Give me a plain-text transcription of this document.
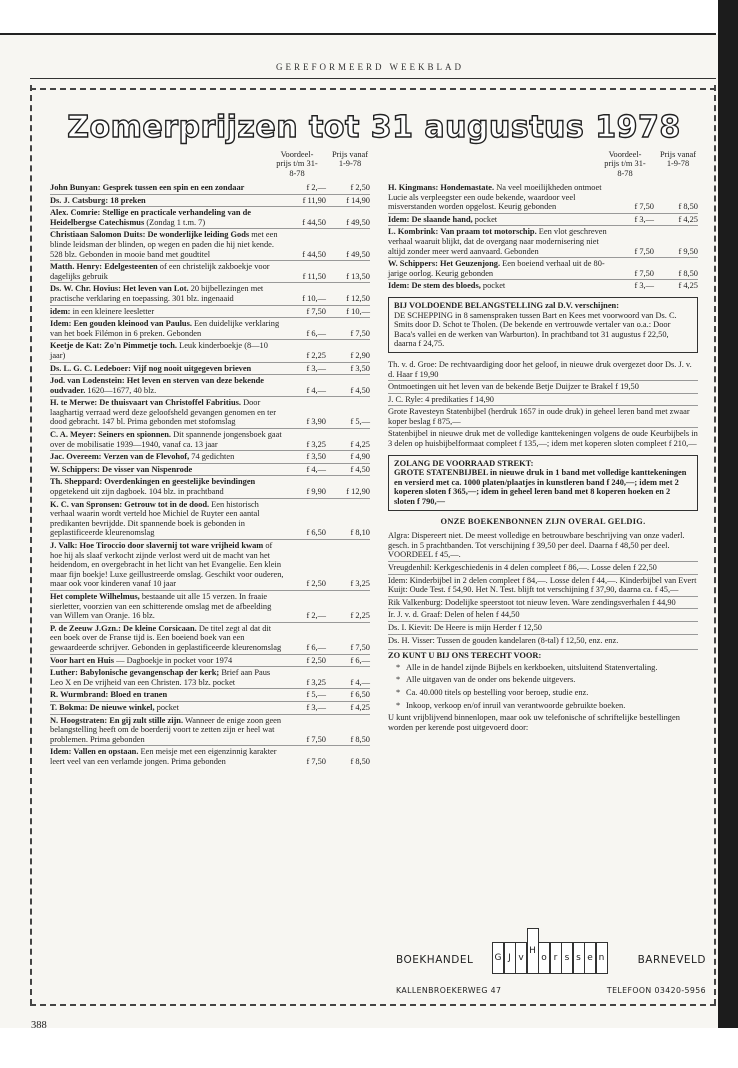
GEREFORMEERD WEEKBLAD
Zomerprijzen tot 31 augustus 1978
Voordeel-prijs t/m 31-8-78
Prijs vanaf 1-9-78
John Bunyan: Gesprek tussen een spin en een zondaar	f 2,—	f 2,50
Ds. J. Catsburg: 18 preken	f 11,90	f 14,90
Alex. Comrie: Stellige en practicale verhandeling van de Heidelbergse Catechismus (Zondag 1 t.m. 7)	f 44,50	f 49,50
Christiaan Salomon Duits: De wonderlijke leiding Gods met een blinde leidsman der blinden, op wegen en paden die hij niet kende. 528 blz. Gebonden in mooie band met goudtitel	f 44,50	f 49,50
Matth. Henry: Edelgesteenten of een christelijk zakboekje voor dagelijks gebruik	f 11,50	f 13,50
Ds. W. Chr. Hovius: Het leven van Lot. 20 bijbellezingen met practische verklaring en toepassing. 301 blz. ingenaaid	f 10,—	f 12,50
idem: in een kleinere leesletter	f 7,50	f 10,—
Idem: Een gouden kleinood van Paulus. Een duidelijke verklaring van het boek Filémon in 6 preken. Gebonden	f 6,—	f 7,50
Keetje de Kat: Zo'n Pimmetje toch. Leuk kinderboekje (8—10 jaar)	f 2,25	f 2,90
Ds. L. G. C. Ledeboer: Vijf nog nooit uitgegeven brieven	f 3,—	f 3,50
Jod. van Lodenstein: Het leven en sterven van deze bekende oudvader. 1620—1677, 40 blz.	f 4,—	f 4,50
H. te Merwe: De thuisvaart van Christoffel Fabritius. Door laaghartig verraad werd deze geloofsheld gevangen genomen en ter dood gebracht. 147 bl. Prima gebonden met stofomslag	f 3,90	f 5,—
C. A. Meyer: Seiners en spionnen. Dit spannende jongensboek gaat over de mobilisatie 1939—1940, vanaf ca. 13 jaar	f 3,25	f 4,25
Jac. Overeem: Verzen van de Flevohof, 74 gedichten	f 3,50	f 4,90
W. Schippers: De visser van Nispenrode	f 4,—	f 4,50
Th. Sheppard: Overdenkingen en geestelijke bevindingen opgetekend uit zijn dagboek. 104 blz. in prachtband	f 9,90	f 12,90
K. C. van Spronsen: Getrouw tot in de dood. Een historisch verhaal waarin wordt verteld hoe Michiel de Ruyter een aantal predikanten bevrijdde. Dit spannende boek is gebonden in geplastificeerde kleurenomslag	f 6,50	f 8,10
J. Valk: Hoe Tiroccio door slavernij tot ware vrijheid kwam of hoe hij als slaaf verkocht zijnde verlost werd uit de macht van het heidendom, en overgebracht in het licht van het Evangelie. Een klein maar fijn boekje! Luxe geillustreerde omslag. Geschikt voor ouderen, maar ook voor kinderen vanaf 10 jaar	f 2,50	f 3,25
Het complete Wilhelmus, bestaande uit alle 15 verzen. In fraaie sierletter, voorzien van een schitterende omslag met de afbeelding van Willem van Oranje. 16 blz.	f 2,—	f 2,25
P. de Zeeuw J.Gzn.: De kleine Corsicaan. De titel zegt al dat dit een boek over de Franse tijd is. Een boeiend boek van een gewaardeerde schrijver. Gebonden in geplastificeerde kleurenomslag	f 6,—	f 7,50
Voor hart en Huis — Dagboekje in pocket voor 1974	f 2,50	f 6,—
Luther: Babylonische gevangenschap der kerk; Brief aan Paus Leo X en De vrijheid van een Christen. 173 blz. pocket	f 3,25	f 4,—
R. Wurmbrand: Bloed en tranen	f 5,—	f 6,50
T. Bokma: De nieuwe winkel, pocket	f 3,—	f 4,25
N. Hoogstraten: En gij zult stille zijn. Wanneer de enige zoon geen belangstelling heeft om de boerderij voort te zetten zijn er heel wat problemen. Prima gebonden	f 7,50	f 8,50
Idem: Vallen en opstaan. Een meisje met een eigenzinnig karakter leert veel van een verlamde jongen. Prima gebonden	f 7,50	f 8,50
Voordeel-prijs t/m 31-8-78
Prijs vanaf 1-9-78
H. Kingmans: Hondemastate. Na veel moeilijkheden ontmoet Lucie als verpleegster een oude bekende, waardoor veel misverstanden worden opgelost. Keurig gebonden	f 7,50	f 8,50
Idem: De slaande hand, pocket	f 3,—	f 4,25
L. Kombrink: Van praam tot motorschip. Een vlot geschreven verhaal waaruit blijkt, dat de overgang naar modernisering niet altijd zonder meer werd aanvaard. Gebonden	f 7,50	f 9,50
W. Schippers: Het Geuzenjong. Een boeiend verhaal uit de 80-jarige oorlog. Keurig gebonden	f 7,50	f 8,50
Idem: De stem des bloeds, pocket	f 3,—	f 4,25
BIJ VOLDOENDE BELANGSTELLING zal D.V. verschijnen:
DE SCHEPPING in 8 samenspraken tussen Bart en Kees met voorwoord van Ds. C. Smits door D. Schot te Tholen. (De bekende en vertrouwde vertaler van o.a.: Door Baca's vallei en de werken van Warburton). In prachtband tot 31 augustus f 22,50, daarna f 24,75.
Th. v. d. Groe: De rechtvaardiging door het geloof, in nieuwe druk overgezet door Ds. J. v. d. Haar f 19,90
Ontmoetingen uit het leven van de bekende Betje Duijzer te Brakel f 19,50
J. C. Ryle: 4 predikaties f 14,90
Grote Ravesteyn Statenbijbel (herdruk 1657 in oude druk) in geheel leren band met zwaar koper beslag f 875,—
Statenbijbel in nieuwe druk met de volledige kanttekeningen volgens de oude Keurbijbels in 3 delen op huisbijbelformaat compleet f 135,—; idem met koperen sloten compleet f 210,—
ZOLANG DE VOORRAAD STREKT:
GROTE STATENBIJBEL in nieuwe druk in 1 band met volledige kanttekeningen en versierd met ca. 1000 platen/plaatjes in kunstleren band f 240,—; idem met 2 koperen sloten f 365,—; idem in geheel leren band met 8 koperen hoeken en 2 sloten f 790,—
ONZE BOEKENBONNEN ZIJN OVERAL GELDIG.
Algra: Dispereert niet. De meest volledige en betrouwbare beschrijving van onze vaderl. gesch. in 5 prachtbanden. Tot verschijning f 39,50 per deel. Daarna f 48,50 per deel. VOORDEEL f 45,—.
Vreugdenhil: Kerkgeschiedenis in 4 delen compleet f 86,—. Losse delen f 22,50
Idem: Kinderbijbel in 2 delen compleet f 84,—. Losse delen f 44,—. Kinderbijbel van Evert Kuijt: Oude Test. f 54,90. Het N. Test. blijft tot verschijning f 37,90, daarna ca. f 45,—
Rik Valkenburg: Dodelijke speerstoot tot nieuw leven. Ware zendingsverhalen f 44,90
Ir. J. v. d. Graaf: Delen of helen f 44,50
Ds. I. Kievit: De Heere is mijn Herder f 12,50
Ds. H. Visser: Tussen de gouden kandelaren (8-tal) f 12,50, enz. enz.
ZO KUNT U BIJ ONS TERECHT VOOR:
* Alle in de handel zijnde Bijbels en kerkboeken, uitsluitend Statenvertaling.
* Alle uitgaven van de onder ons bekende uitgevers.
* Ca. 40.000 titels op bestelling voor beroep, studie enz.
* Inkoop, verkoop en/of inruil van verantwoorde gebruikte boeken.
U kunt vrijblijvend binnenlopen, maar ook uw telefonische of schriftelijke bestellingen worden per kerende post uitgevoerd door:
BOEKHANDEL G J v
H
o r s s e n	BARNEVELD
KALLENBROEKERWEG 47	TELEFOON 03420-5956
388
